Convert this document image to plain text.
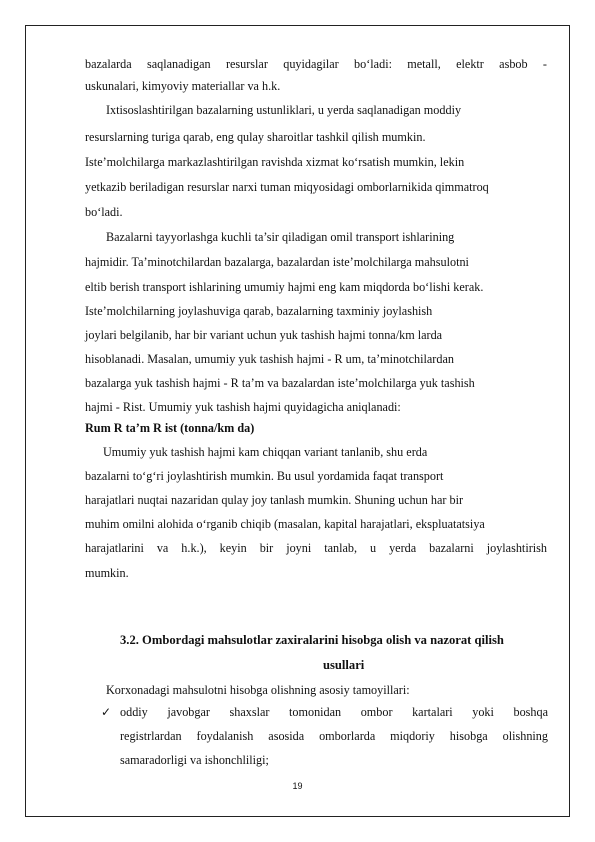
bazalarda saqlanadigan resurslar quyidagilar bo‘ladi: metall, elektr asbob -
uskunalari, kimyoviy materiallar va h.k.
Ixtisoslashtirilgan bazalarning ustunliklari, u yerda saqlanadigan moddiy
resurslarning turiga qarab, eng qulay sharoitlar tashkil qilish mumkin.
Iste’molchilarga markazlashtirilgan ravishda xizmat ko‘rsatish mumkin, lekin
yetkazib beriladigan resurslar narxi tuman miqyosidagi omborlarnikida qimmatroq
bo‘ladi.
Bazalarni tayyorlashga kuchli ta’sir qiladigan omil transport ishlarining
hajmidir. Ta’minotchilardan bazalarga, bazalardan iste’molchilarga mahsulotni
eltib berish transport ishlarining umumiy hajmi eng kam miqdorda bo‘lishi kerak.
Iste’molchilarning joylashuviga qarab, bazalarning taxminiy joylashish
joylari belgilanib, har bir variant uchun yuk tashish hajmi tonna/km larda
hisoblanadi. Masalan, umumiy yuk tashish hajmi - R um, ta’minotchilardan
bazalarga yuk tashish hajmi - R ta’m va bazalardan iste’molchilarga yuk tashish
hajmi - Rist. Umumiy yuk tashish hajmi quyidagicha aniqlanadi:
Rum R ta’m R ist (tonna/km da)
Umumiy yuk tashish hajmi kam chiqqan variant tanlanib, shu erda
bazalarni to‘g‘ri joylashtirish mumkin. Bu usul yordamida faqat transport
harajatlari nuqtai nazaridan qulay joy tanlash mumkin. Shuning uchun har bir
muhim omilni alohida o‘rganib chiqib (masalan, kapital harajatlari, ekspluatatsiya
harajatlarini va h.k.), keyin bir joyni tanlab, u yerda bazalarni joylashtirish
mumkin.
3.2. Ombordagi mahsulotlar zaxiralarini hisobga olish va nazorat qilish
usullari
Korxonadagi mahsulotni hisobga olishning asosiy tamoyillari:
✓ oddiy javobgar shaxslar tomonidan ombor kartalari yoki boshqa
registrlardan foydalanish asosida omborlarda miqdoriy hisobga olishning
samaradorligi va ishonchliligi;
19
